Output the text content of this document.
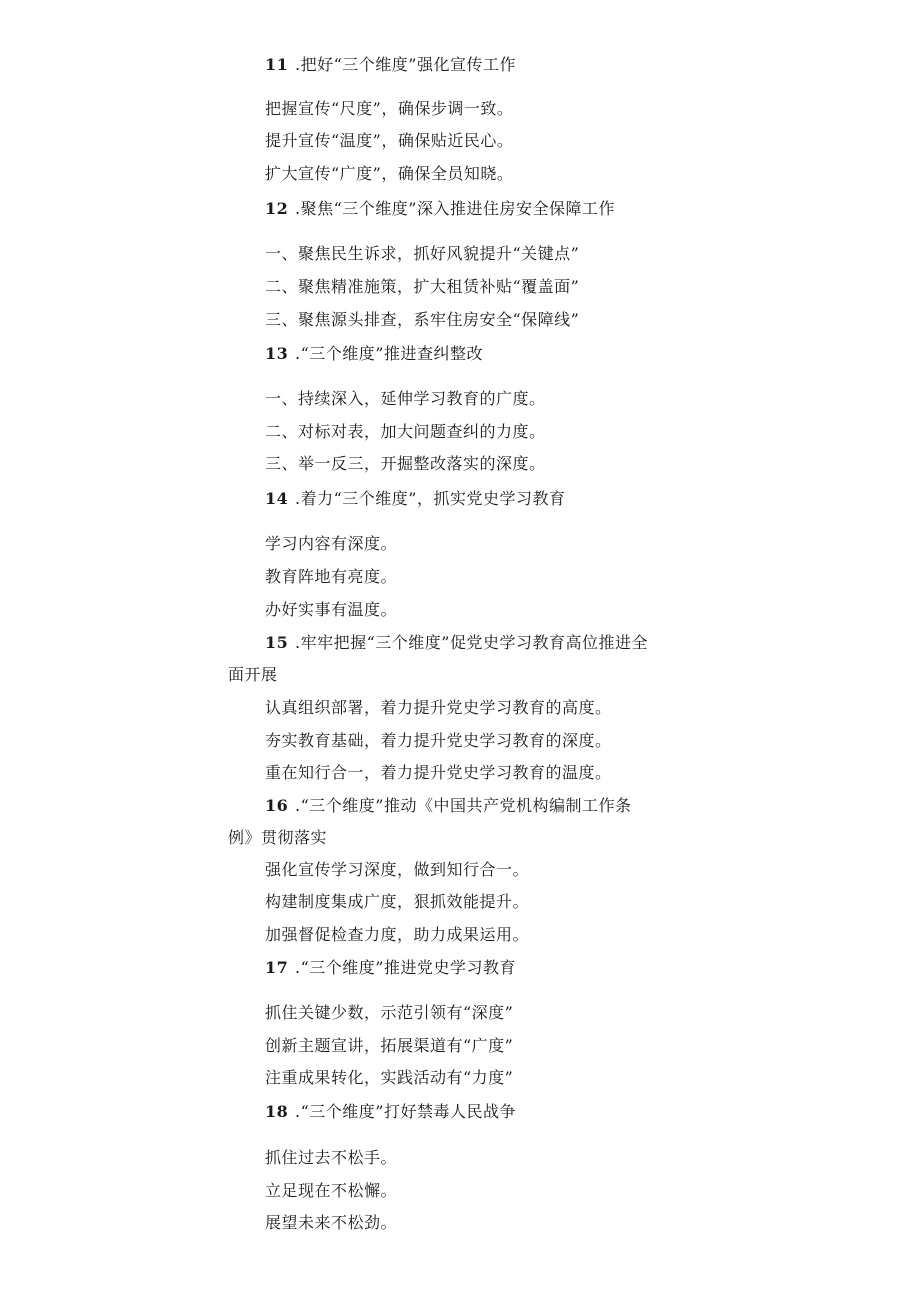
11 .把好“三个维度”强化宣传工作
把握宣传“尺度”，确保步调一致。
提升宣传“温度”，确保贴近民心。
扩大宣传“广度”，确保全员知晓。
12 .聚焦“三个维度”深入推进住房安全保障工作
一、聚焦民生诉求，抓好风貌提升“关键点”
二、聚焦精准施策，扩大租赁补贴“覆盖面”
三、聚焦源头排查，系牢住房安全“保障线”
13 .“三个维度”推进查纠整改
一、持续深入，延伸学习教育的广度。
二、对标对表，加大问题查纠的力度。
三、举一反三，开掘整改落实的深度。
14 .着力“三个维度”，抓实党史学习教育
学习内容有深度。
教育阵地有亮度。
办好实事有温度。
15 .牢牢把握“三个维度”促党史学习教育高位推进全
面开展
认真组织部署，着力提升党史学习教育的高度。
夯实教育基础，着力提升党史学习教育的深度。
重在知行合一，着力提升党史学习教育的温度。
16 .“三个维度”推动《中国共产党机构编制工作条
例》贯彻落实
强化宣传学习深度，做到知行合一。
构建制度集成广度，狠抓效能提升。
加强督促检查力度，助力成果运用。
17 .“三个维度”推进党史学习教育
抓住关键少数，示范引领有“深度”
创新主题宣讲，拓展渠道有“广度”
注重成果转化，实践活动有“力度”
18 .“三个维度”打好禁毒人民战争
抓住过去不松手。
立足现在不松懈。
展望未来不松劲。
